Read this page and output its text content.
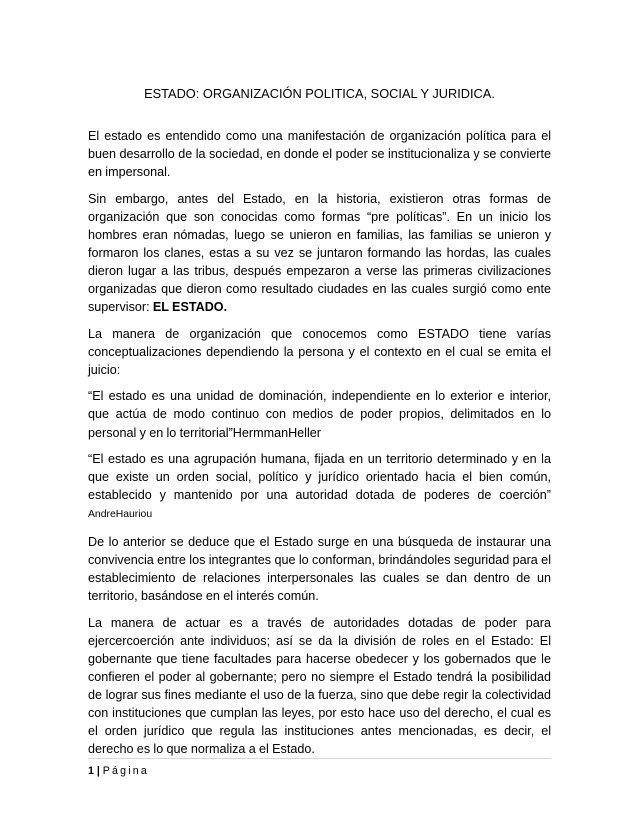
ESTADO: ORGANIZACIÓN POLITICA, SOCIAL Y JURIDICA.

El estado es entendido como una manifestación de organización política para el buen desarrollo de la sociedad, en donde el poder se institucionaliza y se convierte en impersonal.

Sin embargo, antes del Estado, en la historia, existieron otras formas de organización que son conocidas como formas “pre políticas”. En un inicio los hombres eran nómadas, luego se unieron en familias, las familias se unieron y formaron los clanes, estas a su vez se juntaron formando las hordas, las cuales dieron lugar a las tribus, después empezaron a verse las primeras civilizaciones organizadas que dieron como resultado ciudades en las cuales surgió como ente supervisor: EL ESTADO.

La manera de organización que conocemos como ESTADO tiene varías conceptualizaciones dependiendo la persona y el contexto en el cual se emita el juicio:

“El estado es una unidad de dominación, independiente en lo exterior e interior, que actúa de modo continuo con medios de poder propios, delimitados en lo personal y en lo territorial”HermmanHeller

“El estado es una agrupación humana, fijada en un territorio determinado y en la que existe un orden social, político y jurídico orientado hacia el bien común, establecido y mantenido por una autoridad dotada de poderes de coerción” AndreHauriou

De lo anterior se deduce que el Estado surge en una búsqueda de instaurar una convivencia entre los integrantes que lo conforman, brindándoles seguridad para el establecimiento de relaciones interpersonales las cuales se dan dentro de un territorio, basándose en el interés común.

La manera de actuar es a través de autoridades dotadas de poder para ejercercoerción ante individuos; así se da la división de roles en el Estado: El gobernante que tiene facultades para hacerse obedecer y los gobernados que le confieren el poder al gobernante; pero no siempre el Estado tendrá la posibilidad de lograr sus fines mediante el uso de la fuerza, sino que debe regir la colectividad con instituciones que cumplan las leyes, por esto hace uso del derecho, el cual es el orden jurídico que regula las instituciones antes mencionadas, es decir, el derecho es lo que normaliza a el Estado.

1 | Página
